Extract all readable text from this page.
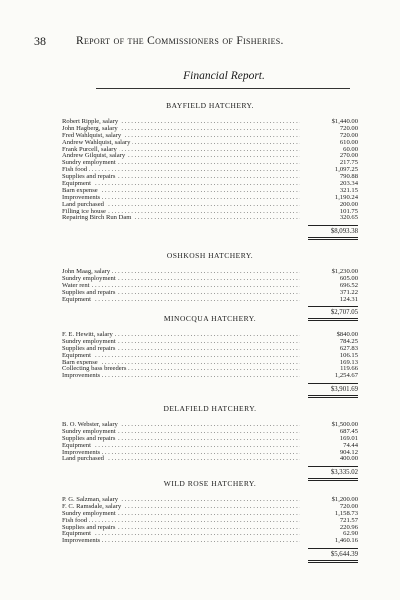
38	Report of the Commissioners of Fisheries.
Financial Report.
BAYFIELD HATCHERY.
Robert Ripple, salary . . .	$1,440.00
John Hagberg, salary . . .	720.00
Fred Wahlquist, salary . . .	720.00
Andrew Wahlquist, salary . . .	610.00
Frank Purcell, salary . . .	60.00
Andrew Gilquist, salary . . .	270.00
Sundry employment . . .	217.75
Fish food . . .	1,097.25
Supplies and repairs . . .	790.88
Equipment . . .	203.34
Barn expense . . .	321.15
Improvements . . .	1,190.24
Land purchased . . .	200.00
Filling ice house . . .	101.75
Repairing Birch Run Dam . . .	320.65
$8,093.38
OSHKOSH HATCHERY.
John Maag, salary . . .	$1,230.00
Sundry employment . . .	605.00
Water rent . . .	696.52
Supplies and repairs . . .	371.22
Equipment . . .	124.31
$2,707.05
MINOCQUA HATCHERY.
F. E. Hewitt, salary . . .	$840.00
Sundry employment . . .	784.25
Supplies and repairs . . .	627.83
Equipment . . .	106.15
Barn expense . . .	169.13
Collecting bass breeders . . .	119.66
Improvements . . .	1,254.67
$3,901.69
DELAFIELD HATCHERY.
B. O. Webster, salary . . .	$1,500.00
Sundry employment . . .	687.45
Supplies and repairs . . .	169.01
Equipment . . .	74.44
Improvements . . .	904.12
Land purchased . . .	400.00
$3,335.02
WILD ROSE HATCHERY.
P. G. Salzman, salary . . .	$1,200.00
F. C. Ramsdale, salary . . .	720.00
Sundry employment . . .	1,158.73
Fish food . . .	721.57
Supplies and repairs . . .	220.96
Equipment . . .	62.90
Improvements . . .	1,460.16
$5,644.39
